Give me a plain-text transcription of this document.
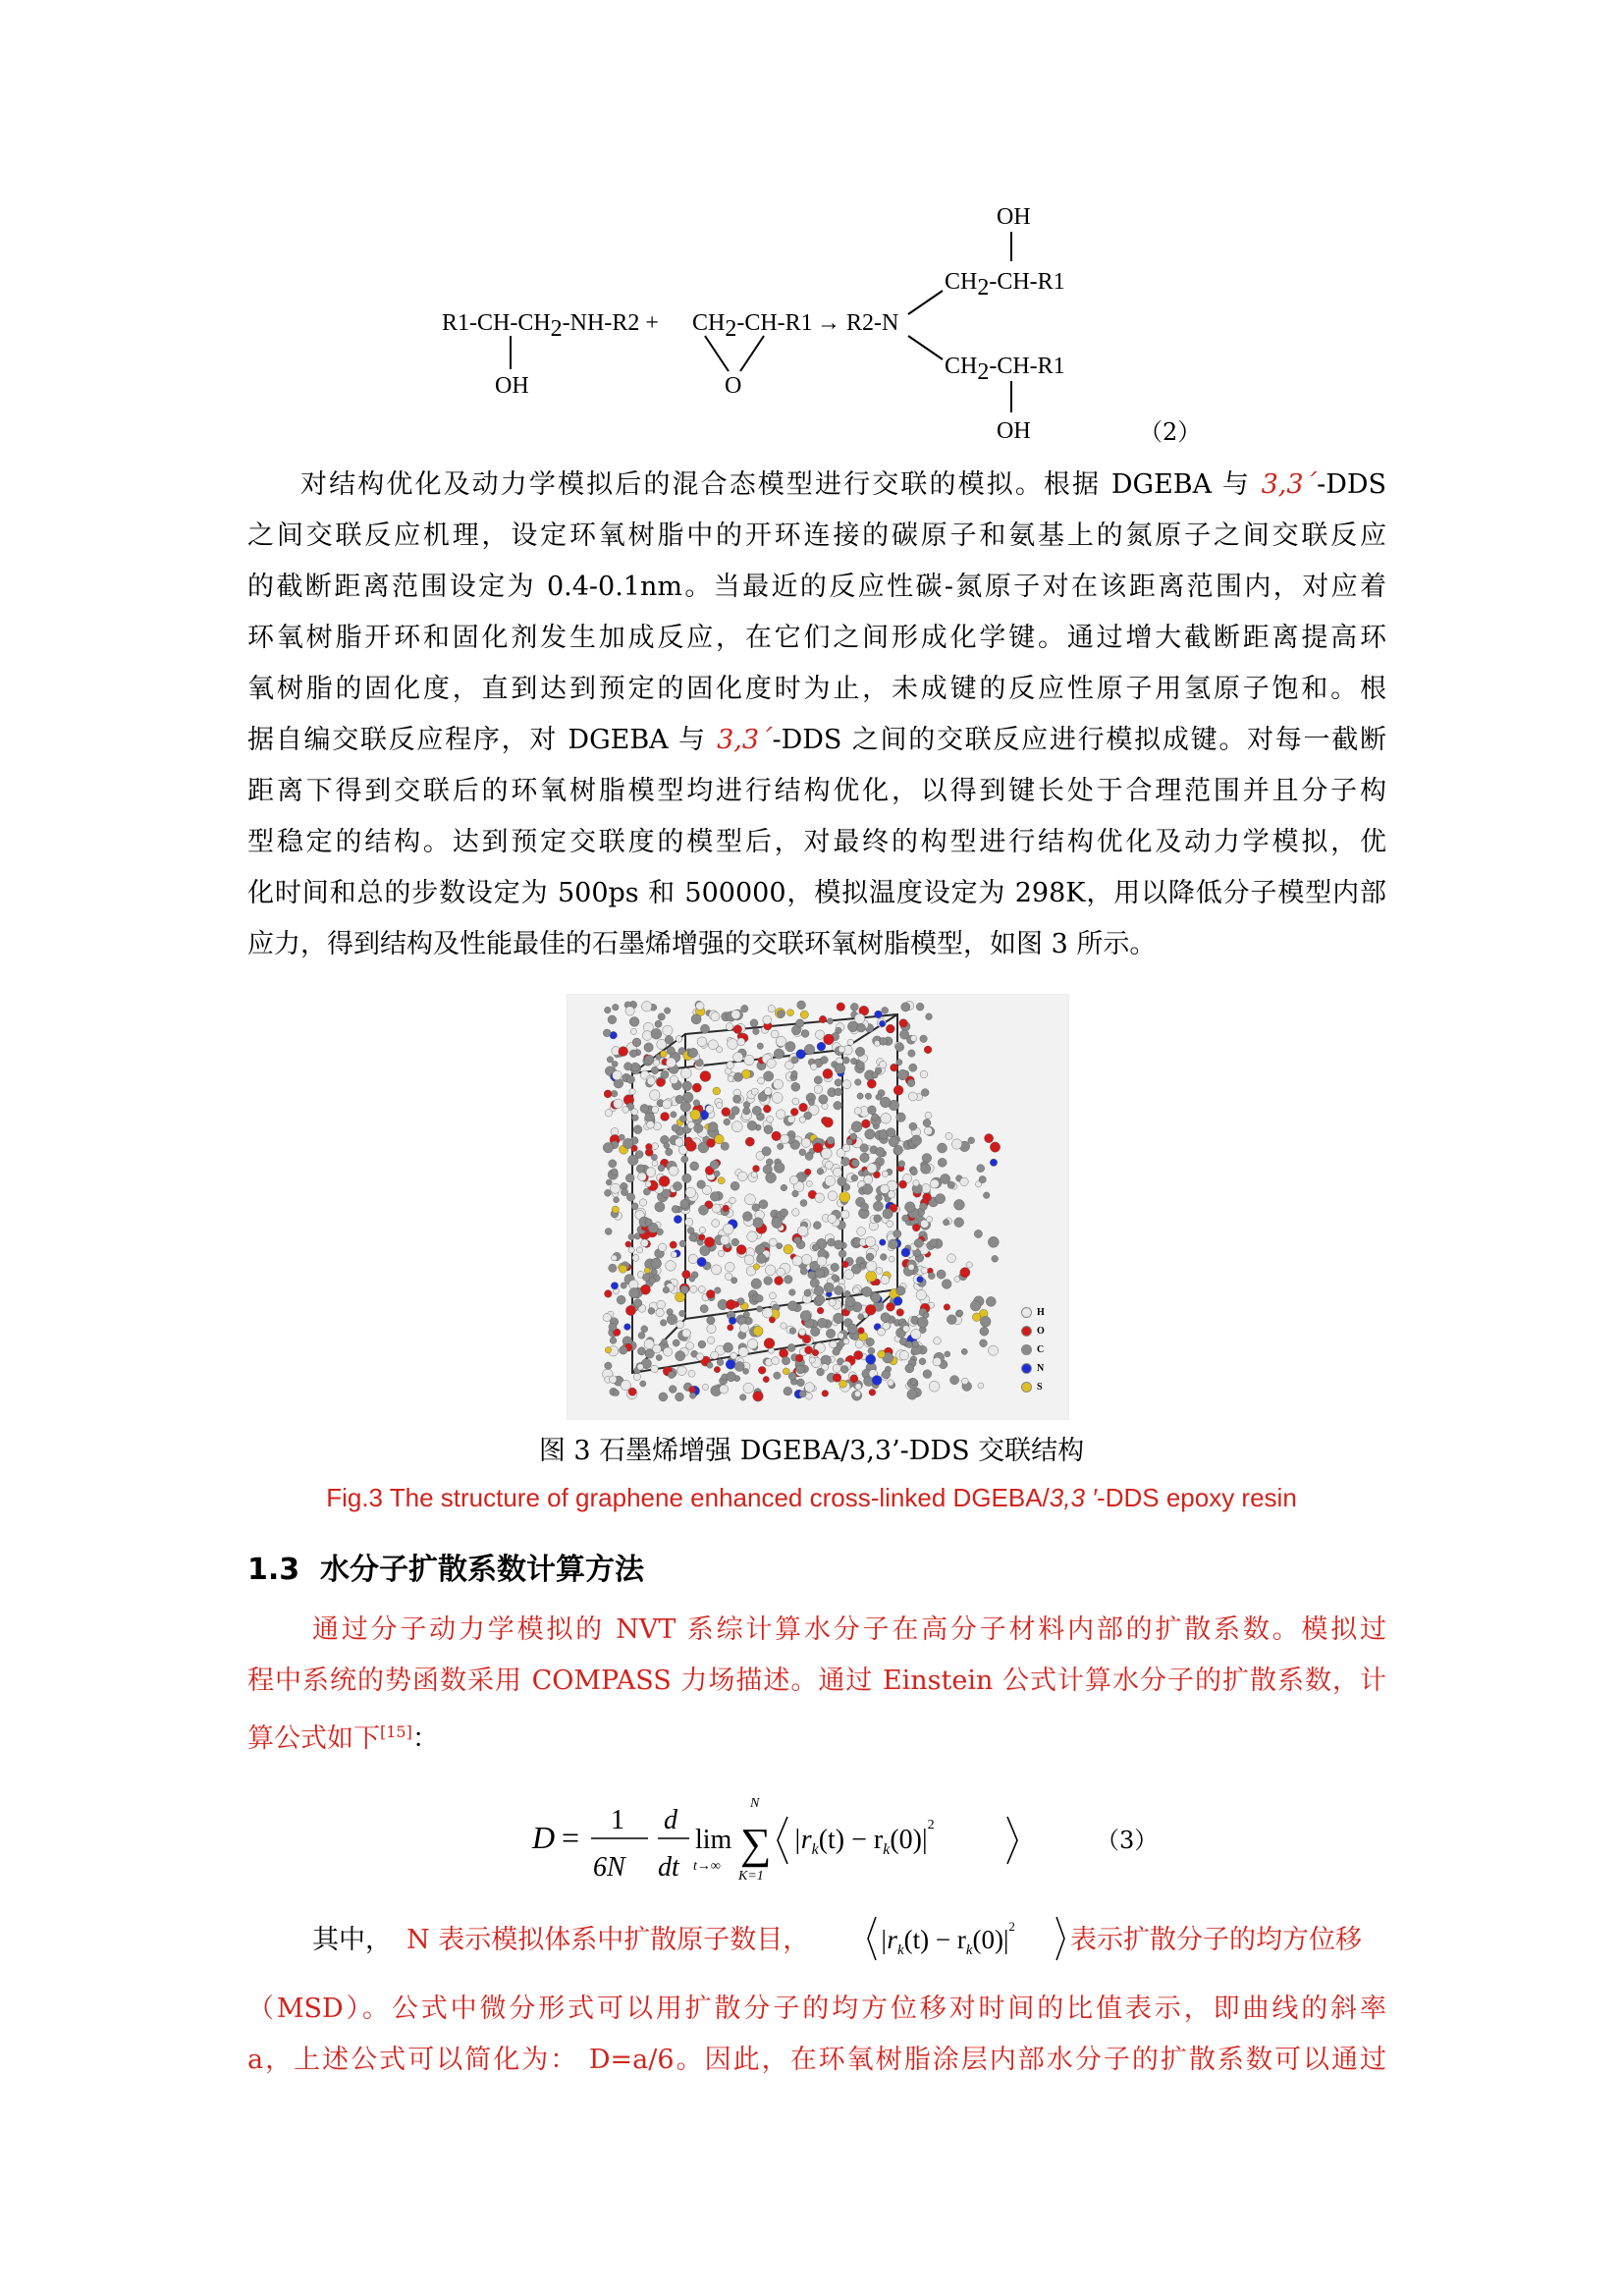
OH
CH2-CH-R1
R1-CH-CH2-NH-R2 + CH2-CH-R1 → R2-N
OH	O
CH2-CH-R1
OH	（2）
对结构优化及动力学模拟后的混合态模型进行交联的模拟。根据 DGEBA 与 3,3´-DDS
之间交联反应机理，设定环氧树脂中的开环连接的碳原子和氨基上的氮原子之间交联反应
的截断距离范围设定为 0.4-0.1nm。当最近的反应性碳-氮原子对在该距离范围内，对应着
环氧树脂开环和固化剂发生加成反应，在它们之间形成化学键。通过增大截断距离提高环
氧树脂的固化度，直到达到预定的固化度时为止，未成键的反应性原子用氢原子饱和。根
据自编交联反应程序，对 DGEBA 与 3,3´-DDS 之间的交联反应进行模拟成键。对每一截断
距离下得到交联后的环氧树脂模型均进行结构优化，以得到键长处于合理范围并且分子构
型稳定的结构。达到预定交联度的模型后，对最终的构型进行结构优化及动力学模拟，优
化时间和总的步数设定为 500ps 和 500000，模拟温度设定为 298K，用以降低分子模型内部
应力，得到结构及性能最佳的石墨烯增强的交联环氧树脂模型，如图 3 所示。
H
O
C
N
S
图 3 石墨烯增强 DGEBA/3,3’-DDS 交联结构
Fig.3 The structure of graphene enhanced cross-linked DGEBA/3,3 ′-DDS epoxy resin
1.3 水分子扩散系数计算方法
通过分子动力学模拟的 NVT 系综计算水分子在高分子材料内部的扩散系数。模拟过
程中系统的势函数采用 COMPASS 力场描述。通过 Einstein 公式计算水分子的扩散系数，计
算公式如下[15]：
D = 1
6N
d
dt
lim
t→∞
N
∑
K=1
$|r_k(t) - r_k(0)|^2$
（3）
其中， N 表示模拟体系中扩散原子数目，	$|r_k(t) - r_k(0)|^2$ 表示扩散分子的均方位移
（MSD）。公式中微分形式可以用扩散分子的均方位移对时间的比值表示，即曲线的斜率
a，上述公式可以简化为： D=a/6。因此，在环氧树脂涂层内部水分子的扩散系数可以通过
